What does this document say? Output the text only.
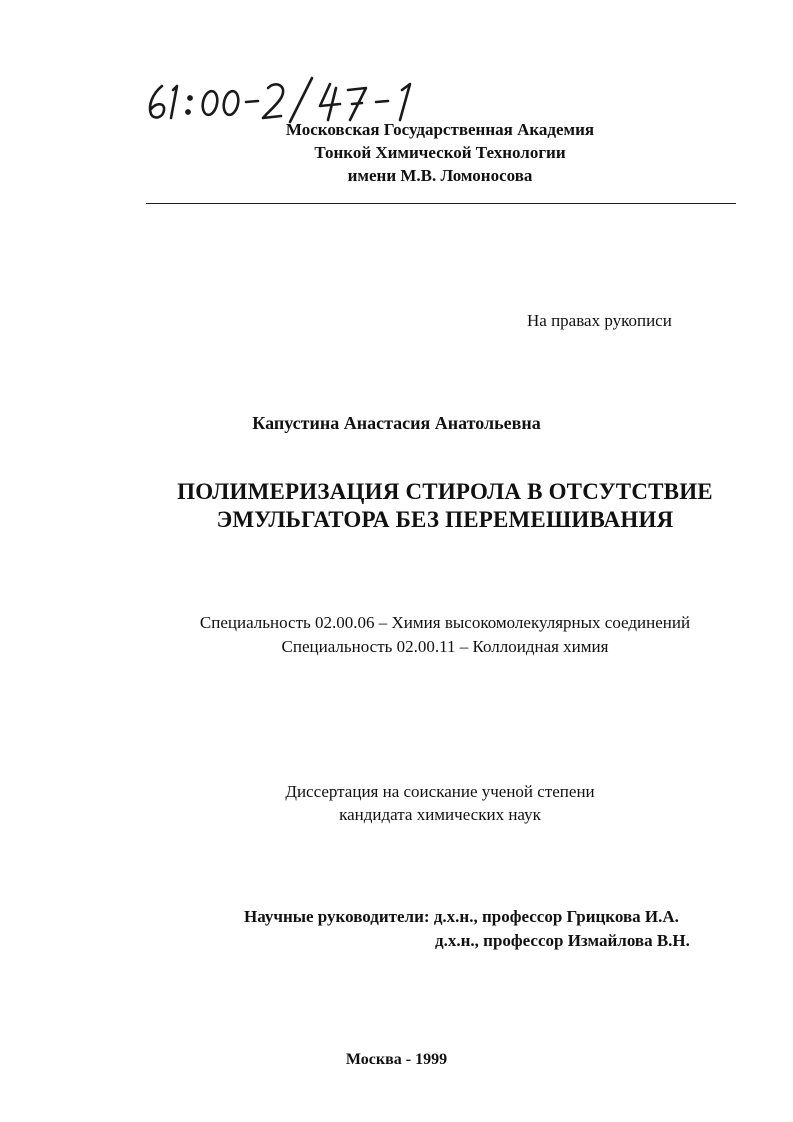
Московская Государственная Академия
Тонкой Химической Технологии
имени М.В. Ломоносова
На правах рукописи
Капустина Анастасия Анатольевна
ПОЛИМЕРИЗАЦИЯ СТИРОЛА В ОТСУТСТВИЕ
ЭМУЛЬГАТОРА БЕЗ ПЕРЕМЕШИВАНИЯ
Специальность 02.00.06 – Химия высокомолекулярных соединений
Специальность 02.00.11 – Коллоидная химия
Диссертация на соискание ученой степени
кандидата химических наук
Научные руководители: д.х.н., профессор Грицкова И.А.
д.х.н., профессор Измайлова В.Н.
Москва - 1999
